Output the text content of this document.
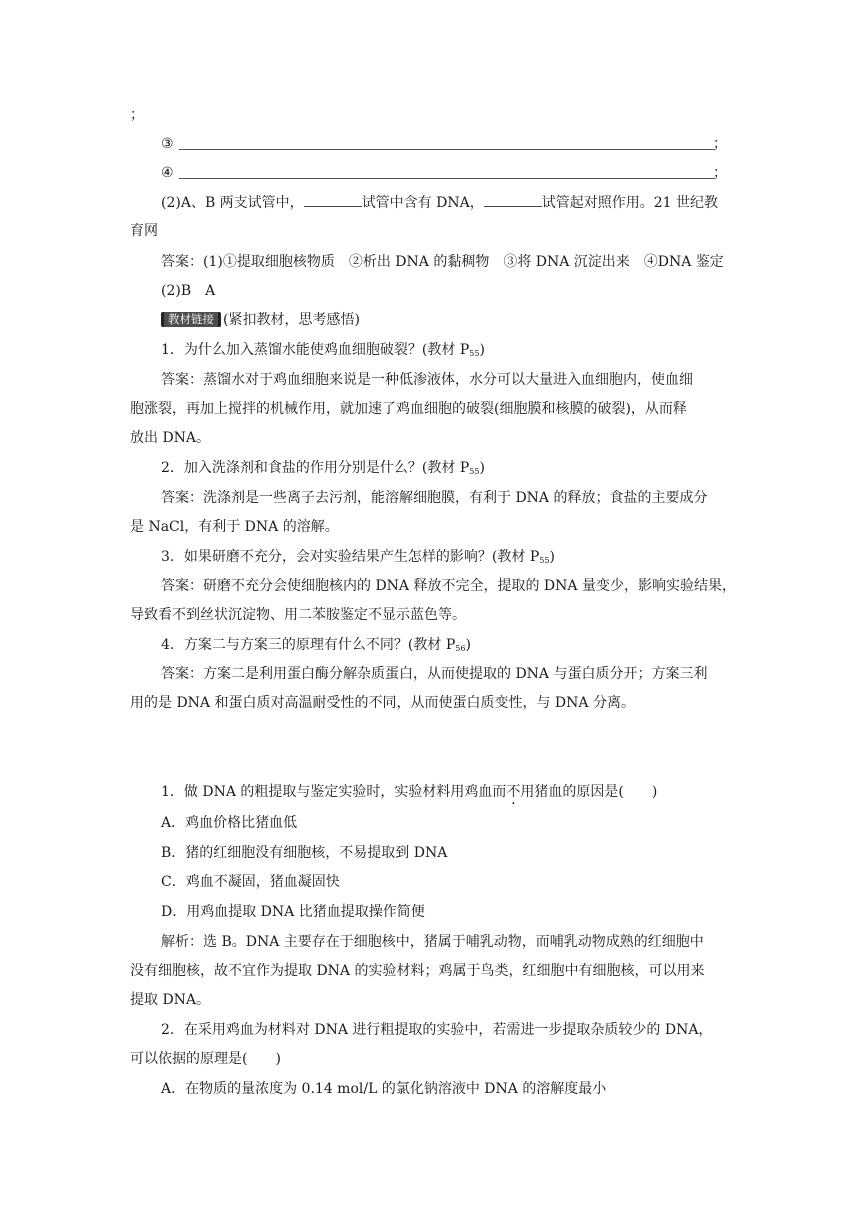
；
③	；
④	；
(2)A、B 两支试管中，	试管中含有 DNA，	试管起对照作用。21 世纪教
育网
答案：(1)①提取细胞核物质　②析出 DNA 的黏稠物　③将 DNA 沉淀出来　④DNA 鉴定
(2)B　A
教材链接 (紧扣教材，思考感悟)
1．为什么加入蒸馏水能使鸡血细胞破裂？(教材 $P_{55}$)
答案：蒸馏水对于鸡血细胞来说是一种低渗液体，水分可以大量进入血细胞内，使血细
胞涨裂，再加上搅拌的机械作用，就加速了鸡血细胞的破裂(细胞膜和核膜的破裂)，从而释
放出 DNA。
2．加入洗涤剂和食盐的作用分别是什么？(教材 $P_{55}$)
答案：洗涤剂是一些离子去污剂，能溶解细胞膜，有利于 DNA 的释放；食盐的主要成分
是 NaCl，有利于 DNA 的溶解。
3．如果研磨不充分，会对实验结果产生怎样的影响？(教材 $P_{55}$)
答案：研磨不充分会使细胞核内的 DNA 释放不完全，提取的 DNA 量变少，影响实验结果，
导致看不到丝状沉淀物、用二苯胺鉴定不显示蓝色等。
4．方案二与方案三的原理有什么不同？(教材 $P_{56}$)
答案：方案二是利用蛋白酶分解杂质蛋白，从而使提取的 DNA 与蛋白质分开；方案三利
用的是 DNA 和蛋白质对高温耐受性的不同，从而使蛋白质变性，与 DNA 分离。
1．做 DNA 的粗提取与鉴定实验时，实验材料用鸡血而不用猪血的原因是(　　)
A．鸡血价格比猪血低
B．猪的红细胞没有细胞核，不易提取到 DNA
C．鸡血不凝固，猪血凝固快
D．用鸡血提取 DNA 比猪血提取操作简便
解析：选 B。DNA 主要存在于细胞核中，猪属于哺乳动物，而哺乳动物成熟的红细胞中
没有细胞核，故不宜作为提取 DNA 的实验材料；鸡属于鸟类，红细胞中有细胞核，可以用来
提取 DNA。
2．在采用鸡血为材料对 DNA 进行粗提取的实验中，若需进一步提取杂质较少的 DNA，
可以依据的原理是(　　)
A．在物质的量浓度为 0.14 mol/L 的氯化钠溶液中 DNA 的溶解度最小
